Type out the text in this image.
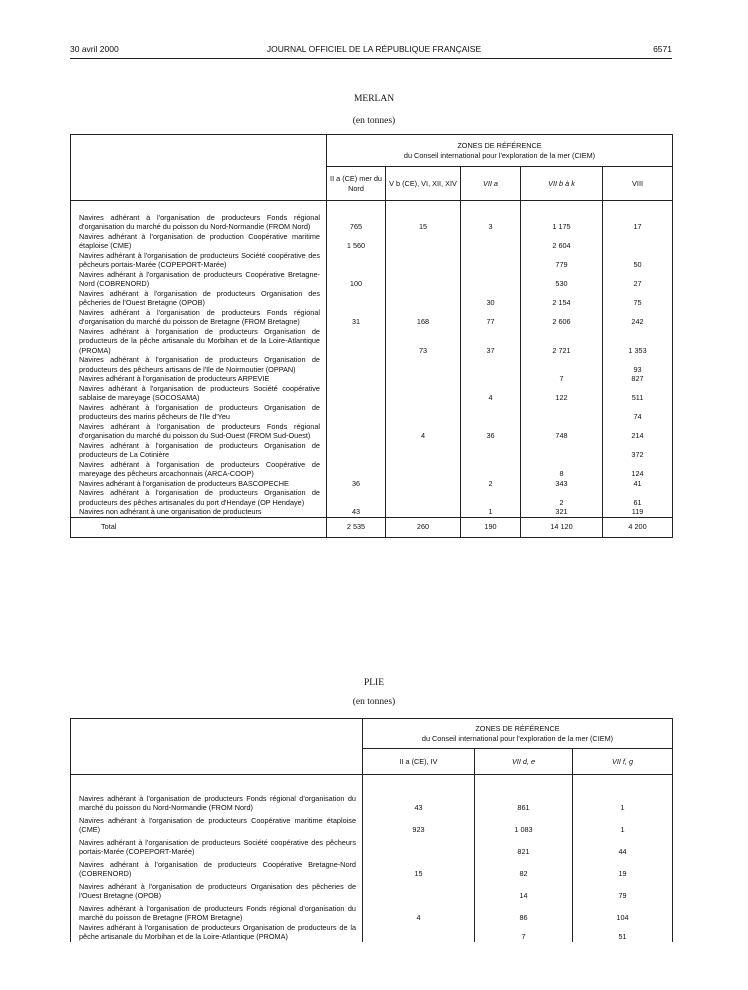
30 avril 2000	JOURNAL OFFICIEL DE LA RÉPUBLIQUE FRANÇAISE	6571
MERLAN
(en tonnes)

	ZONES DE RÉFÉRENCE
du Conseil international pour l'exploration de la mer (CIEM)				

	II a (CE) mer du Nord	V b (CE), VI, XII, XIV	VII a	VII b à k	VIII

Navires adhérant à l'organisation de producteurs Fonds régional d'organisation du marché du poisson du Nord-Normandie (FROM Nord)	765	15	3	1 175	17
Navires adhérant à l'organisation de production Coopérative maritime étaploise (CME)	1 560			2 604	
Navires adhérant à l'organisation de producteurs Société coopérative des pêcheurs portais-Marée (COPEPORT-Marée)				779	50
Navires adhérant à l'organisation de producteurs Coopérative Bretagne-Nord (COBRENORD)	100			530	27
Navires adhérant à l'organisation de producteurs Organisation des pêcheries de l'Ouest Bretagne (OPOB)			30	2 154	75
Navires adhérant à l'organisation de producteurs Fonds régional d'organisation du marché du poisson de Bretagne (FROM Bretagne)	31	168	77	2 606	242
Navires adhérant à l'organisation de producteurs Organisation de producteurs de la pêche artisanale du Morbihan et de la Loire-Atlantique (PROMA)		73	37	2 721	1 353
Navires adhérant à l'organisation de producteurs Organisation de producteurs des pêcheurs artisans de l'Ile de Noirmoutier (OPPAN)					93
Navires adhérant à l'organisation de producteurs ARPEVIE				7	827
Navires adhérant à l'organisation de producteurs Société coopérative sablaise de mareyage (SOCOSAMA)			4	122	511
Navires adhérant à l'organisation de producteurs Organisation de producteurs des marins pêcheurs de l'Ile d'Yeu					74
Navires adhérant à l'organisation de producteurs Fonds régional d'organisation du marché du poisson du Sud-Ouest (FROM Sud-Ouest)		4	36	748	214
Navires adhérant à l'organisation de producteurs Organisation de producteurs de La Cotinière					372
Navires adhérant à l'organisation de producteurs Coopérative de mareyage des pêcheurs arcachonnais (ARCA-COOP)				8	124
Navires adhérant à l'organisation de producteurs BASCOPECHE	36		2	343	41
Navires adhérant à l'organisation de producteurs Organisation de producteurs des pêches artisanales du port d'Hendaye (OP Hendaye)				2	61
Navires non adhérant à une organisation de producteurs	43		1	321	119
Total	2 535	260	190	14 120	4 200
PLIE
(en tonnes)

	ZONES DE RÉFÉRENCE
du Conseil international pour l'exploration de la mer (CIEM)		

	II a (CE), IV	VII d, e	VII f, g

Navires adhérant à l'organisation de producteurs Fonds régional d'organisation du marché du poisson du Nord-Normandie (FROM Nord)	43	861	1
Navires adhérant à l'organisation de producteurs Coopérative maritime étaploise (CME)	923	1 083	1
Navires adhérant à l'organisation de producteurs Société coopérative des pêcheurs portais-Marée (COPEPORT-Marée)		821	44
Navires adhérant à l'organisation de producteurs Coopérative Bretagne-Nord (COBRENORD)	15	82	19
Navires adhérant à l'organisation de producteurs Organisation des pêcheries de l'Ouest Bretagne (OPOB)		14	79
Navires adhérant à l'organisation de producteurs Fonds régional d'organisation du marché du poisson de Bretagne (FROM Bretagne)	4	86	104
Navires adhérant à l'organisation de producteurs Organisation de producteurs de la pêche artisanale du Morbihan et de la Loire-Atlantique (PROMA)		7	51
